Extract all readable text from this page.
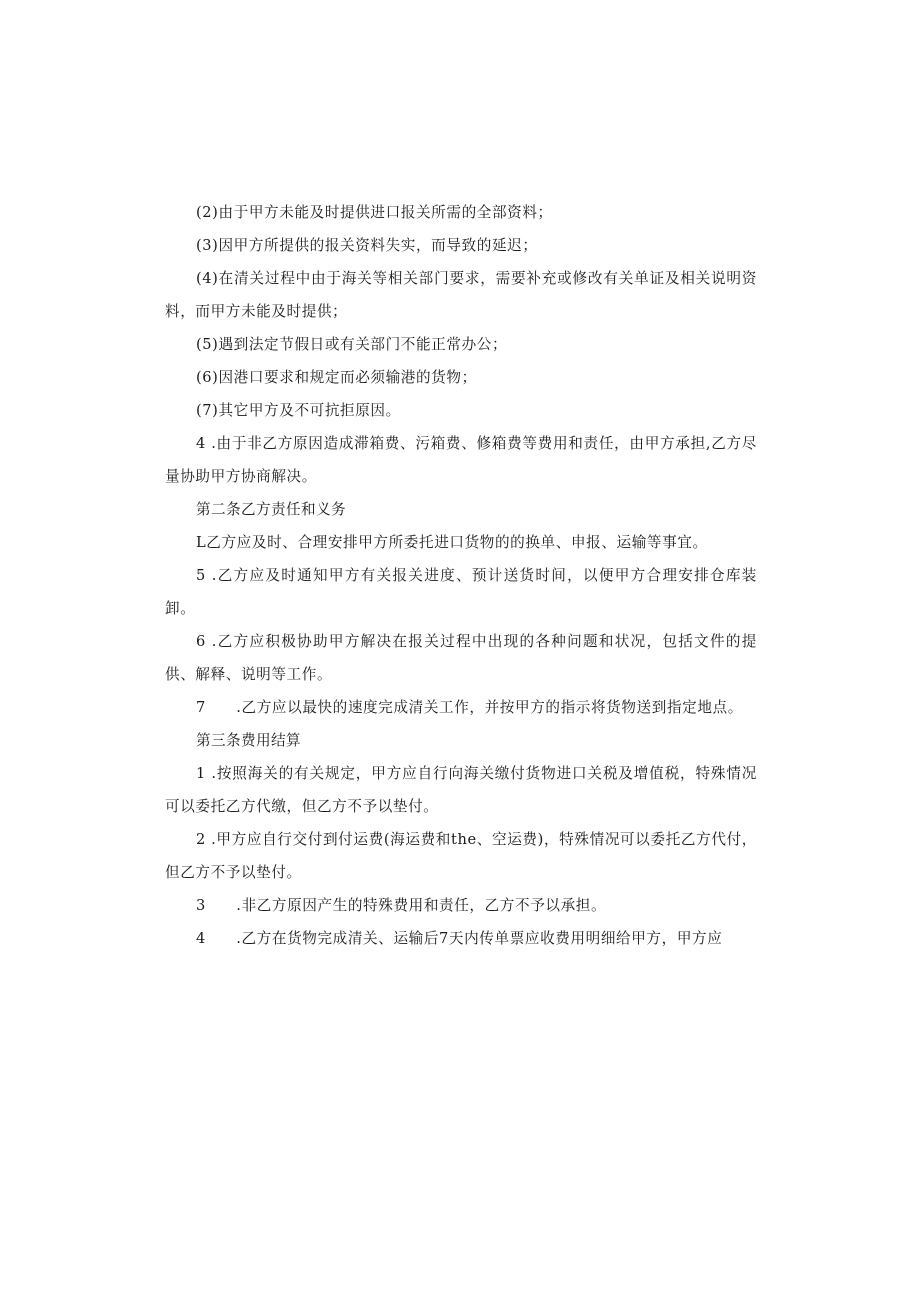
(2)由于甲方未能及时提供进口报关所需的全部资料；

(3)因甲方所提供的报关资料失实，而导致的延迟；

(4)在清关过程中由于海关等相关部门要求，需要补充或修改有关单证及相关说明资料，而甲方未能及时提供；

(5)遇到法定节假日或有关部门不能正常办公；

(6)因港口要求和规定而必须输港的货物；

(7)其它甲方及不可抗拒原因。

4 .由于非乙方原因造成滞箱费、污箱费、修箱费等费用和责任，由甲方承担,乙方尽量协助甲方协商解决。

第二条乙方责任和义务

L乙方应及时、合理安排甲方所委托进口货物的的换单、申报、运输等事宜。

5 .乙方应及时通知甲方有关报关进度、预计送货时间，以便甲方合理安排仓库装卸。

6 .乙方应积极协助甲方解决在报关过程中出现的各种问题和状况，包括文件的提供、解释、说明等工作。

7　　.乙方应以最快的速度完成清关工作，并按甲方的指示将货物送到指定地点。

第三条费用结算

1 .按照海关的有关规定，甲方应自行向海关缴付货物进口关税及增值税，特殊情况可以委托乙方代缴，但乙方不予以垫付。

2 .甲方应自行交付到付运费(海运费和the、空运费)，特殊情况可以委托乙方代付，但乙方不予以垫付。

3　　.非乙方原因产生的特殊费用和责任，乙方不予以承担。

4　　.乙方在货物完成清关、运输后7天内传单票应收费用明细给甲方，甲方应
